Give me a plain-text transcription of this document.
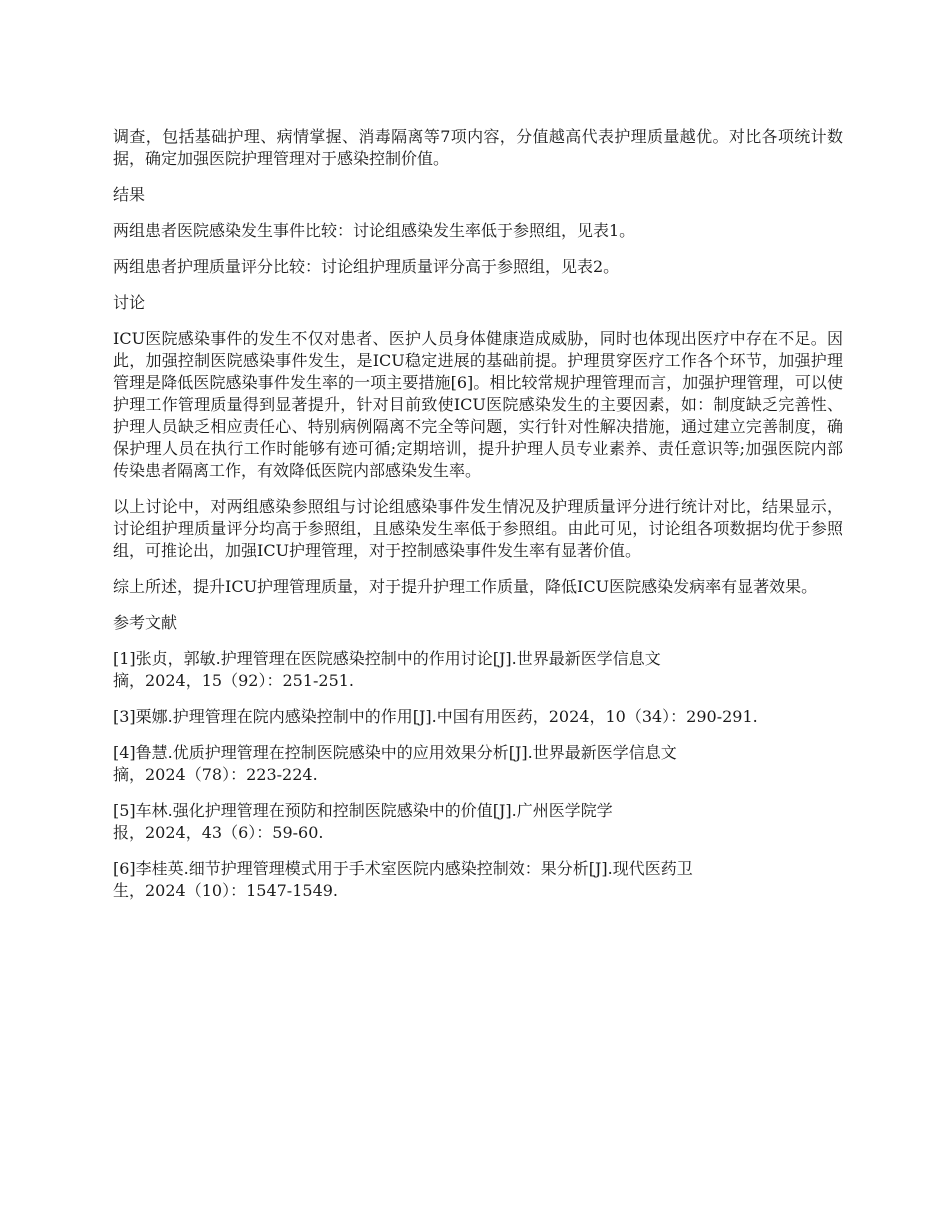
调查，包括基础护理、病情掌握、消毒隔离等7项内容，分值越高代表护理质量越优。对比各项统计数据，确定加强医院护理管理对于感染控制价值。

结果

两组患者医院感染发生事件比较：讨论组感染发生率低于参照组，见表1。

两组患者护理质量评分比较：讨论组护理质量评分高于参照组，见表2。

讨论

ICU医院感染事件的发生不仅对患者、医护人员身体健康造成威胁，同时也体现出医疗中存在不足。因此，加强控制医院感染事件发生，是ICU稳定进展的基础前提。护理贯穿医疗工作各个环节，加强护理管理是降低医院感染事件发生率的一项主要措施[6]。相比较常规护理管理而言，加强护理管理，可以使护理工作管理质量得到显著提升，针对目前致使ICU医院感染发生的主要因素，如：制度缺乏完善性、护理人员缺乏相应责任心、特别病例隔离不完全等问题，实行针对性解决措施，通过建立完善制度，确保护理人员在执行工作时能够有迹可循;定期培训，提升护理人员专业素养、责任意识等;加强医院内部传染患者隔离工作，有效降低医院内部感染发生率。

以上讨论中，对两组感染参照组与讨论组感染事件发生情况及护理质量评分进行统计对比，结果显示，讨论组护理质量评分均高于参照组，且感染发生率低于参照组。由此可见，讨论组各项数据均优于参照组，可推论出，加强ICU护理管理，对于控制感染事件发生率有显著价值。

综上所述，提升ICU护理管理质量，对于提升护理工作质量，降低ICU医院感染发病率有显著效果。

参考文献

[1]张贞，郭敏.护理管理在医院感染控制中的作用讨论[J].世界最新医学信息文
摘，2024，15（92）：251-251.

[3]栗娜.护理管理在院内感染控制中的作用[J].中国有用医药，2024，10（34）：290-291.

[4]鲁慧.优质护理管理在控制医院感染中的应用效果分析[J].世界最新医学信息文
摘，2024（78）：223-224.

[5]车林.强化护理管理在预防和控制医院感染中的价值[J].广州医学院学
报，2024，43（6）：59-60.

[6]李桂英.细节护理管理模式用于手术室医院内感染控制效：果分析[J].现代医药卫
生，2024（10）：1547-1549.
